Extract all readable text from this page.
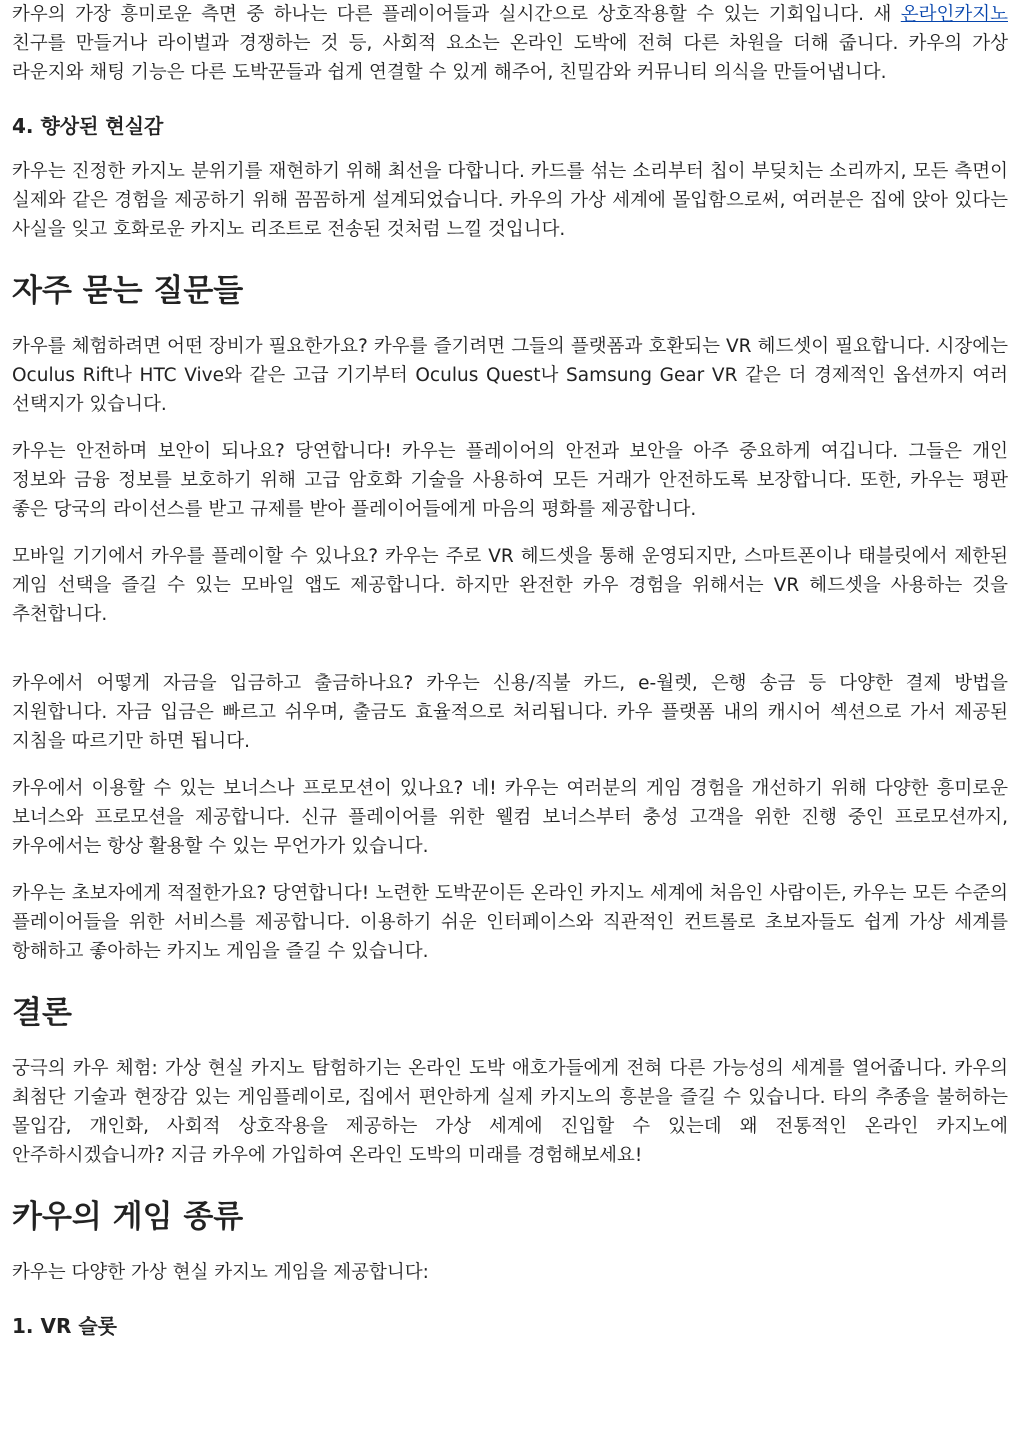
카우의 가장 흥미로운 측면 중 하나는 다른 플레이어들과 실시간으로 상호작용할 수 있는 기회입니다. 새 온라인카지노 친구를 만들거나 라이벌과 경쟁하는 것 등, 사회적 요소는 온라인 도박에 전혀 다른 차원을 더해 줍니다. 카우의 가상 라운지와 채팅 기능은 다른 도박꾼들과 쉽게 연결할 수 있게 해주어, 친밀감와 커뮤니티 의식을 만들어냅니다.

4. 향상된 현실감

카우는 진정한 카지노 분위기를 재현하기 위해 최선을 다합니다. 카드를 섞는 소리부터 칩이 부딪치는 소리까지, 모든 측면이 실제와 같은 경험을 제공하기 위해 꼼꼼하게 설계되었습니다. 카우의 가상 세계에 몰입함으로써, 여러분은 집에 앉아 있다는 사실을 잊고 호화로운 카지노 리조트로 전송된 것처럼 느낄 것입니다.

자주 묻는 질문들

카우를 체험하려면 어떤 장비가 필요한가요? 카우를 즐기려면 그들의 플랫폼과 호환되는 VR 헤드셋이 필요합니다. 시장에는 Oculus Rift나 HTC Vive와 같은 고급 기기부터 Oculus Quest나 Samsung Gear VR 같은 더 경제적인 옵션까지 여러 선택지가 있습니다.

카우는 안전하며 보안이 되나요? 당연합니다! 카우는 플레이어의 안전과 보안을 아주 중요하게 여깁니다. 그들은 개인 정보와 금융 정보를 보호하기 위해 고급 암호화 기술을 사용하여 모든 거래가 안전하도록 보장합니다. 또한, 카우는 평판 좋은 당국의 라이선스를 받고 규제를 받아 플레이어들에게 마음의 평화를 제공합니다.

모바일 기기에서 카우를 플레이할 수 있나요? 카우는 주로 VR 헤드셋을 통해 운영되지만, 스마트폰이나 태블릿에서 제한된 게임 선택을 즐길 수 있는 모바일 앱도 제공합니다. 하지만 완전한 카우 경험을 위해서는 VR 헤드셋을 사용하는 것을 추천합니다.

카우에서 어떻게 자금을 입금하고 출금하나요? 카우는 신용/직불 카드, e-월렛, 은행 송금 등 다양한 결제 방법을 지원합니다. 자금 입금은 빠르고 쉬우며, 출금도 효율적으로 처리됩니다. 카우 플랫폼 내의 캐시어 섹션으로 가서 제공된 지침을 따르기만 하면 됩니다.

카우에서 이용할 수 있는 보너스나 프로모션이 있나요? 네! 카우는 여러분의 게임 경험을 개선하기 위해 다양한 흥미로운 보너스와 프로모션을 제공합니다. 신규 플레이어를 위한 웰컴 보너스부터 충성 고객을 위한 진행 중인 프로모션까지, 카우에서는 항상 활용할 수 있는 무언가가 있습니다.

카우는 초보자에게 적절한가요? 당연합니다! 노련한 도박꾼이든 온라인 카지노 세계에 처음인 사람이든, 카우는 모든 수준의 플레이어들을 위한 서비스를 제공합니다. 이용하기 쉬운 인터페이스와 직관적인 컨트롤로 초보자들도 쉽게 가상 세계를 항해하고 좋아하는 카지노 게임을 즐길 수 있습니다.

결론

궁극의 카우 체험: 가상 현실 카지노 탐험하기는 온라인 도박 애호가들에게 전혀 다른 가능성의 세계를 열어줍니다. 카우의 최첨단 기술과 현장감 있는 게임플레이로, 집에서 편안하게 실제 카지노의 흥분을 즐길 수 있습니다. 타의 추종을 불허하는 몰입감, 개인화, 사회적 상호작용을 제공하는 가상 세계에 진입할 수 있는데 왜 전통적인 온라인 카지노에 안주하시겠습니까? 지금 카우에 가입하여 온라인 도박의 미래를 경험해보세요!

카우의 게임 종류

카우는 다양한 가상 현실 카지노 게임을 제공합니다:

1. VR 슬롯
